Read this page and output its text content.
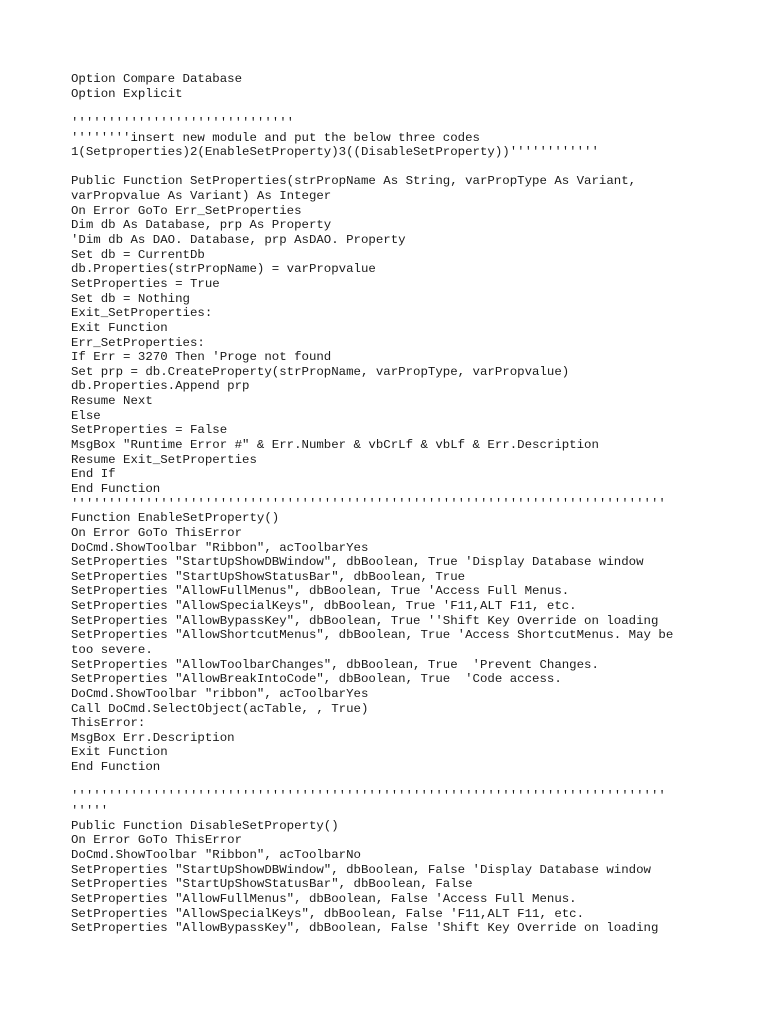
Option Compare Database
Option Explicit
''''''''''''''''''''''''''''''
''''''''insert new module and put the below three codes
1(Setproperties)2(EnableSetProperty)3((DisableSetProperty))''''''''''''
Public Function SetProperties(strPropName As String, varPropType As Variant,
varPropvalue As Variant) As Integer
On Error GoTo Err_SetProperties
Dim db As Database, prp As Property
'Dim db As DAO. Database, prp AsDAO. Property
Set db = CurrentDb
db.Properties(strPropName) = varPropvalue
SetProperties = True
Set db = Nothing
Exit_SetProperties:
Exit Function
Err_SetProperties:
If Err = 3270 Then 'Proge not found
Set prp = db.CreateProperty(strPropName, varPropType, varPropvalue)
db.Properties.Append prp
Resume Next
Else
SetProperties = False
MsgBox "Runtime Error #" & Err.Number & vbCrLf & vbLf & Err.Description
Resume Exit_SetProperties
End If
End Function
''''''''''''''''''''''''''''''''''''''''''''''''''''''''''''''''''''''''''''''''
Function EnableSetProperty()
On Error GoTo ThisError
DoCmd.ShowToolbar "Ribbon", acToolbarYes
SetProperties "StartUpShowDBWindow", dbBoolean, True 'Display Database window
SetProperties "StartUpShowStatusBar", dbBoolean, True
SetProperties "AllowFullMenus", dbBoolean, True 'Access Full Menus.
SetProperties "AllowSpecialKeys", dbBoolean, True 'F11,ALT F11, etc.
SetProperties "AllowBypassKey", dbBoolean, True ''Shift Key Override on loading
SetProperties "AllowShortcutMenus", dbBoolean, True 'Access ShortcutMenus. May be
too severe.
SetProperties "AllowToolbarChanges", dbBoolean, True  'Prevent Changes.
SetProperties "AllowBreakIntoCode", dbBoolean, True  'Code access.
DoCmd.ShowToolbar "ribbon", acToolbarYes
Call DoCmd.SelectObject(acTable, , True)
ThisError:
MsgBox Err.Description
Exit Function
End Function
''''''''''''''''''''''''''''''''''''''''''''''''''''''''''''''''''''''''''''''''
'''''
Public Function DisableSetProperty()
On Error GoTo ThisError
DoCmd.ShowToolbar "Ribbon", acToolbarNo
SetProperties "StartUpShowDBWindow", dbBoolean, False 'Display Database window
SetProperties "StartUpShowStatusBar", dbBoolean, False
SetProperties "AllowFullMenus", dbBoolean, False 'Access Full Menus.
SetProperties "AllowSpecialKeys", dbBoolean, False 'F11,ALT F11, etc.
SetProperties "AllowBypassKey", dbBoolean, False 'Shift Key Override on loading
